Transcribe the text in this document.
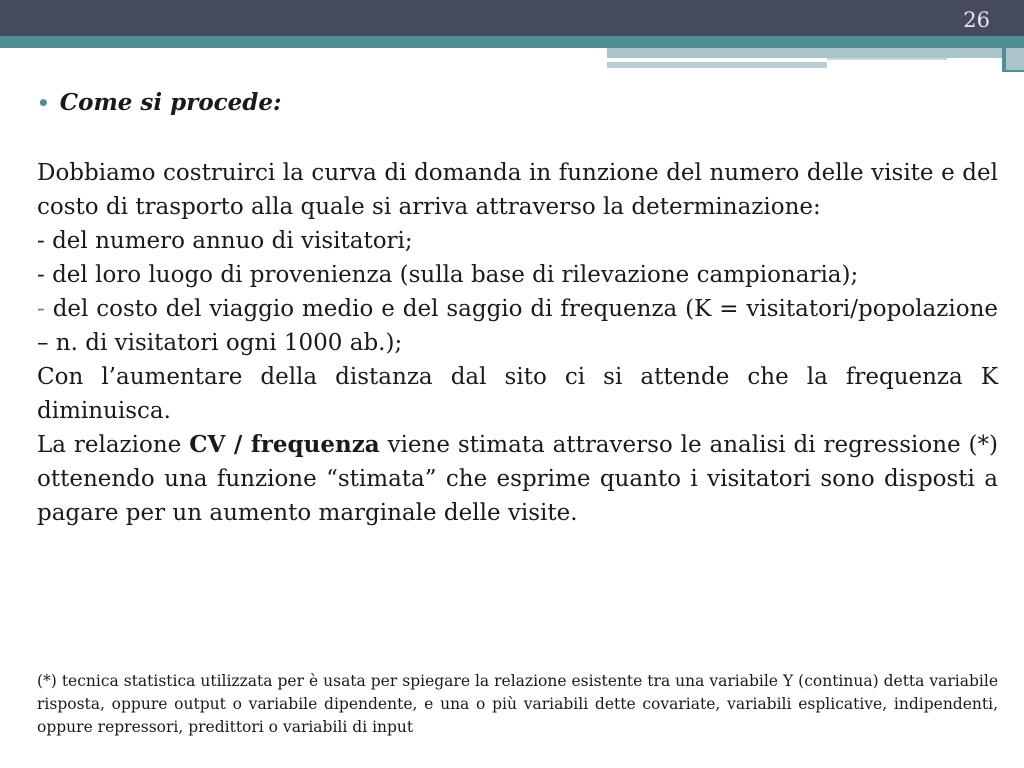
26
• Come si procede:

Dobbiamo costruirci la curva di domanda in funzione del numero delle visite e del costo di trasporto alla quale si arriva attraverso la determinazione:

- del numero annuo di visitatori;

- del loro luogo di provenienza (sulla base di rilevazione campionaria);

- del costo del viaggio medio e del saggio di frequenza (K = visitatori/popolazione – n. di visitatori ogni 1000 ab.);

Con l’aumentare della distanza dal sito ci si attende che la frequenza K diminuisca.

La relazione CV / frequenza viene stimata attraverso le analisi di regressione (*) ottenendo una funzione “stimata” che esprime quanto i visitatori sono disposti a pagare per un aumento marginale delle visite.

(*) tecnica statistica utilizzata per è usata per spiegare la relazione esistente tra una variabile Y (continua) detta variabile risposta, oppure output o variabile dipendente, e una o più variabili dette covariate, variabili esplicative, indipendenti, oppure repressori, predittori o variabili di input
